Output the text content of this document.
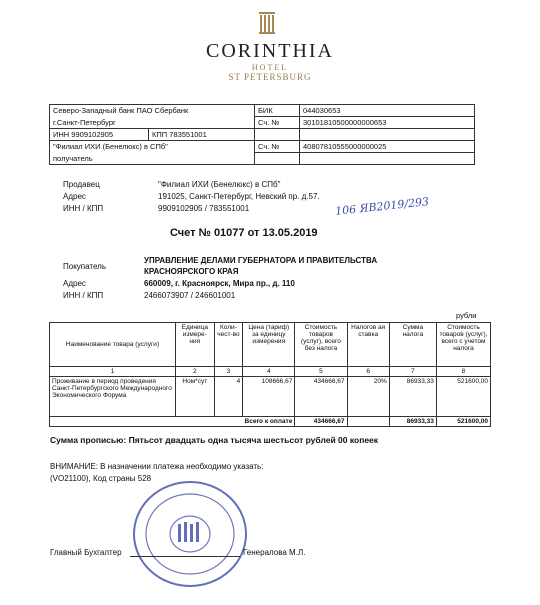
CORINTHIA
HOTEL
ST PETERSBURG
Северо-Западный банк ПАО Сбербанк		БИК	044030653
г.Санкт-Петербург		Сч. №	30101810500000000653
ИНН 9909102905	КПП 783551001		
"Филиал ИХИ (Бенелюкс) в СПб"		Сч. №	40807810555000000025
получатель			
Продавец	"Филиал ИХИ (Бенелюкс) в СПб"
Адрес	191025, Санкт-Петербург, Невский пр. д.57.
ИНН / КПП	9909102905 / 783551001	106 ЯВ2019/293
Счет № 01077 от 13.05.2019
Покупатель
УПРАВЛЕНИЕ ДЕЛАМИ ГУБЕРНАТОРА И ПРАВИТЕЛЬСТВА
КРАСНОЯРСКОГО КРАЯ
Адрес	660009, г. Красноярск, Мира пр., д. 110
ИНН / КПП	2466073907 / 246601001
рубли
Наименование товара (услуги)	Единица измере-ния	Коли-чест-во	Цена (тариф) за единицу измерения	Стоимость товаров (услуг), всего без налога	Налогов ая ставка	Сумма налога	Стоимость товаров (услуг), всего с учетом налога
1	2	3	4	5	6	7	8
Проживание в период проведения Санкт-Петербургского Международного Экономического Форума	Ном*сут	4	108666,67	434666,67	20%	86933,33	521600,00
Всего к оплате				434666,67		86933,33	521600,00
Сумма прописью: Пятьсот двадцать одна тысяча шестьсот рублей 00 копеек
ВНИМАНИЕ: В назначении платежа необходимо указать:
(VO21100), Код страны 528
Главный Бухгалтер	Генералова М.Л.
